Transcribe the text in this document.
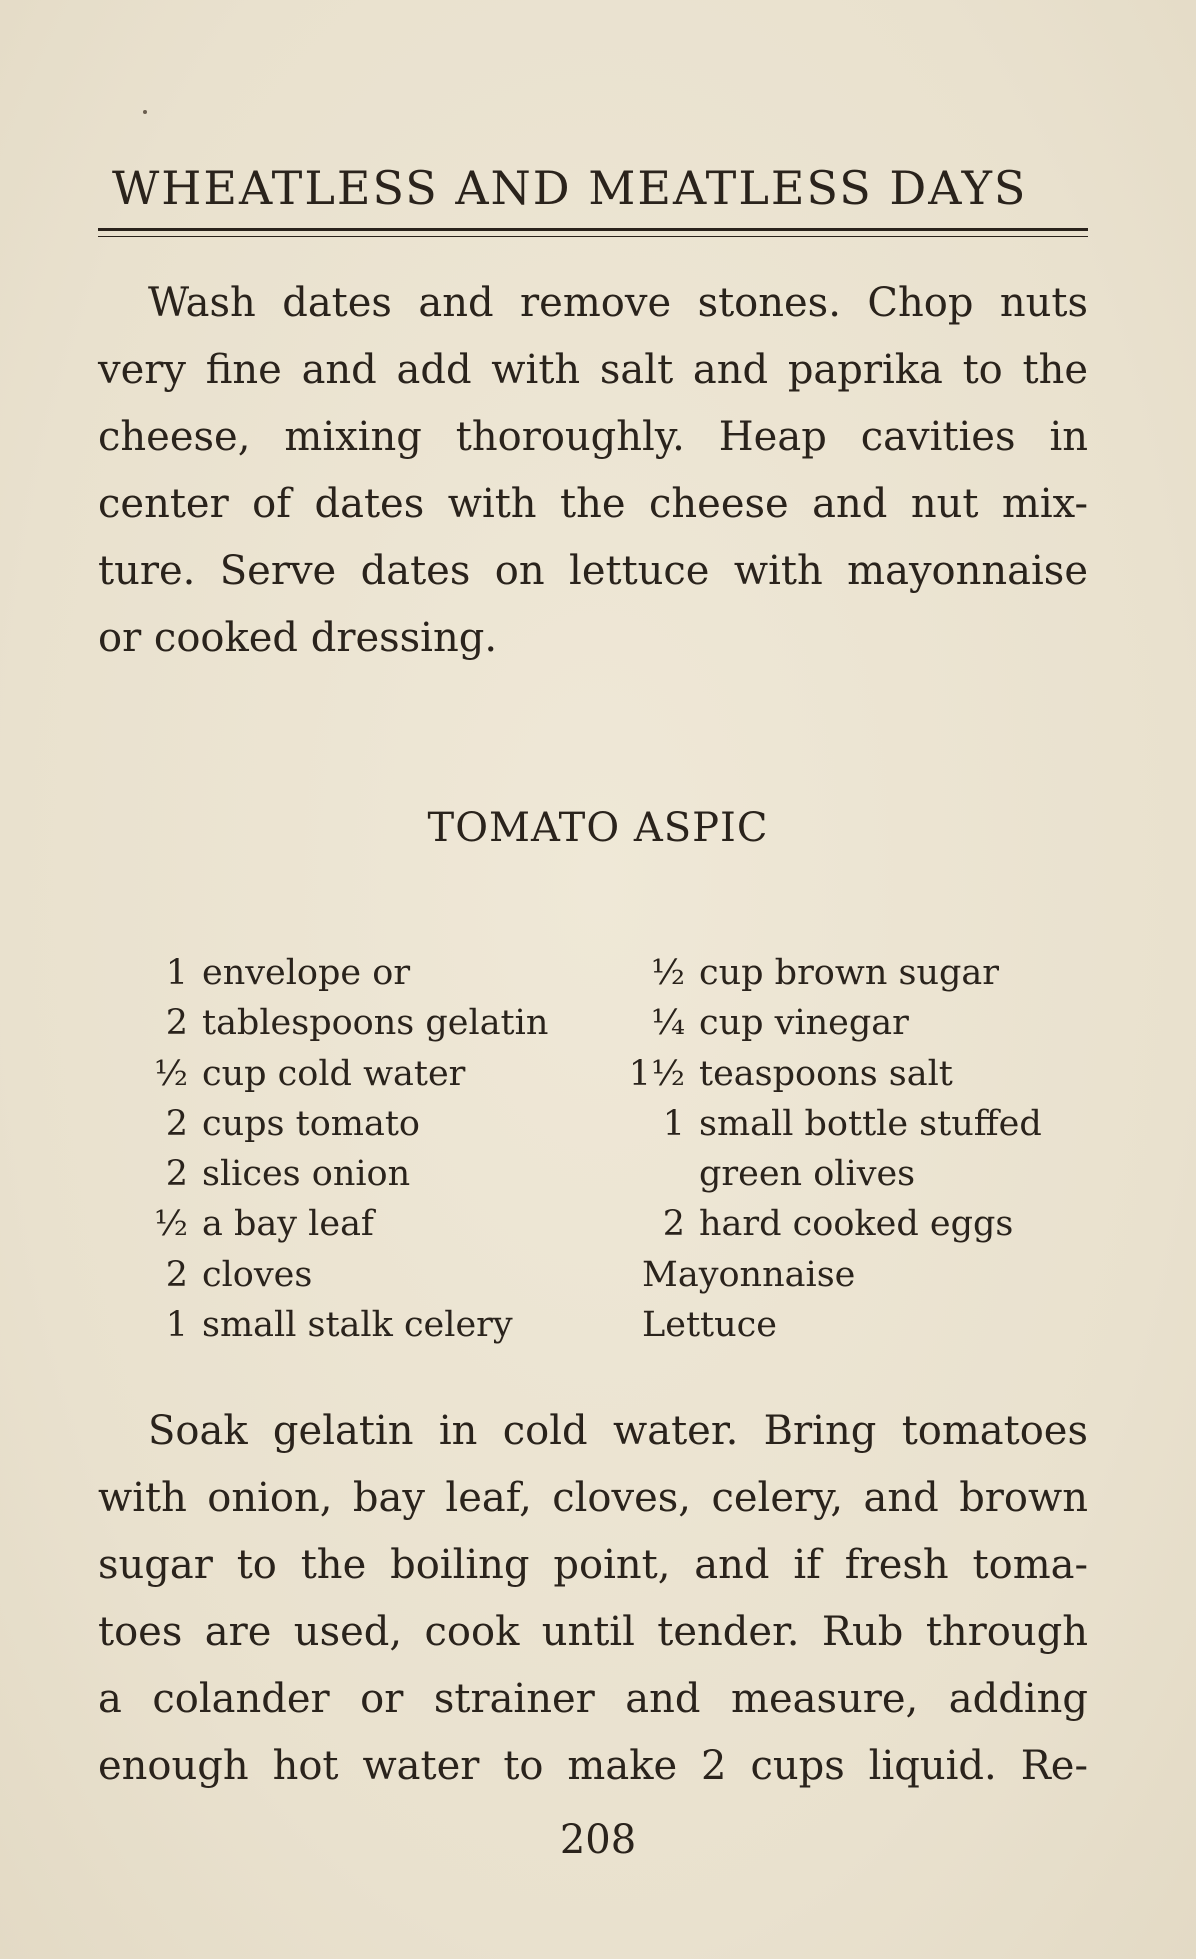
WHEATLESS AND MEATLESS DAYS
Wash dates and remove stones. Chop nuts
very fine and add with salt and paprika to the
cheese, mixing thoroughly. Heap cavities in
center of dates with the cheese and nut mix-
ture. Serve dates on lettuce with mayonnaise
or cooked dressing.
TOMATO ASPIC
1 envelope or
2 tablespoons gelatin
½ cup cold water
2 cups tomato
2 slices onion
½ a bay leaf
2 cloves
1 small stalk celery
½ cup brown sugar
¼ cup vinegar
1½ teaspoons salt
1 small bottle stuffed
green olives
2 hard cooked eggs
Mayonnaise
Lettuce
Soak gelatin in cold water. Bring tomatoes
with onion, bay leaf, cloves, celery, and brown
sugar to the boiling point, and if fresh toma-
toes are used, cook until tender. Rub through
a colander or strainer and measure, adding
enough hot water to make 2 cups liquid. Re-
208
